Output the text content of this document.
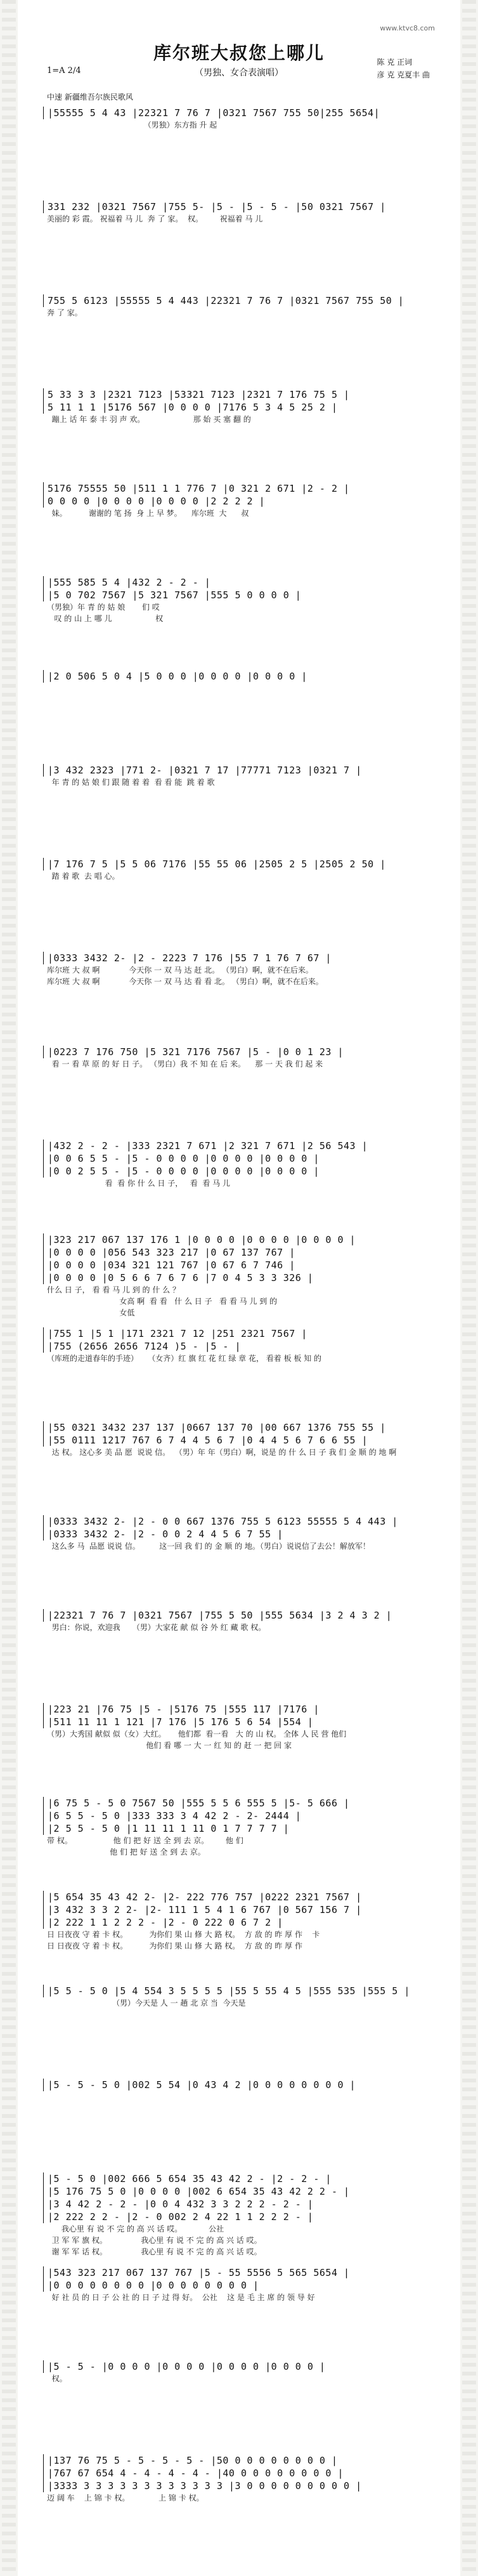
www.ktvc8.com
库尔班大叔您上哪儿
（男独、女合表演唱）
1=A 2/4
陈 克 正词
彦 克 克夏丰 曲
中速 新疆维吾尔族民歌风
|55555 5 4 43 |22321 7 76 7 |0321 7567 755 50|255 5654|
（男独）东方指 升 起
331 232 |0321 7567 |755 5- |5 - |5 - 5 - |50 0321 7567 |
美丽的 彩 霞。 祝福着 马 儿  奔 了 家。  权。       祝福着 马 儿
755 5 6123 |55555 5 4 443 |22321 7 76 7 |0321 7567 755 50 |
奔 了 家。
5 33 3 3 |2321 7123 |53321 7123 |2321 7 176 75 5 |
5 11 1 1 |5176 567 |0 0 0 0 |7176 5 3 4 5 25 2 |
蹦上 话 年 泰 丰 羽 声 欢。                    那 始 买 塞 翻 的
5176 75555 50 |511 1 1 776 7 |0 321 2 671 |2 - 2 |
0 0 0 0 |0 0 0 0 |0 0 0 0 |2 2 2 2 |
妹。         谢谢的 笔 扬  身 上 早 梦。    库尔班  大      叔
|555 585 5 4 |432 2 - 2 - |
|5 0 702 7567 |5 321 7567 |555 5 0 0 0 0 |
（男独）年 青 的 姑 娘       们 哎
叹 的 山 上 哪 儿                  权
|2 0 506 5 0 4 |5 0 0 0 |0 0 0 0 |0 0 0 0 |
|3 432 2323 |771 2- |0321 7 17 |77771 7123 |0321 7 |
年 青 的 姑 娘 们 跟 随 着 着  看 看 能  跳 着 歌
|7 176 7 5 |5 5 06 7176 |55 55 06 |2505 2 5 |2505 2 50 |
踏 着 歌  去 唱 心。
|0333 3432 2- |2 - 2223 7 176 |55 7 1 76 7 67 |
库尔班 大 叔 啊            今天你 一 双 马 达 赶 北。 （男白）啊，就不在后来。
库尔班 大 叔 啊            今天你 一 双 马 达 看 看 北。 （男白）啊，就不在后来。
|0223 7 176 750 |5 321 7176 7567 |5 - |0 0 1 23 |
看 一 看 草 原 的 好 日 子。 （男白）我 不 知 在 后 来。    那 一 天 我 们 起 来
|432 2 - 2 - |333 2321 7 671 |2 321 7 671 |2 56 543 |
|0 0 6 5 5 - |5 - 0 0 0 0 |0 0 0 0 |0 0 0 0 |
|0 0 2 5 5 - |5 - 0 0 0 0 |0 0 0 0 |0 0 0 0 |
看  看 你 什 么 日 子，   看  看 马 儿
|323 217 067 137 176 1 |0 0 0 0 |0 0 0 0 |0 0 0 0 |
|0 0 0 0 |056 543 323 217 |0 67 137 767 |
|0 0 0 0 |034 321 121 767 |0 67 6 7 746 |
|0 0 0 0 |0 5 6 6 7 6 7 6 |7 0 4 5 3 3 326 |
什么 日 子， 看 看 马 儿 到 的 什 么 ？
女高 啊  看 看   什 么 日 子   看 看 马 儿 到 的
女低
|755 1 |5 1 |171 2321 7 12 |251 2321 7567 |
|755 (2656 2656 7124 )5 - |5 - |
（库班的走道春年的手迹）    （女齐）红 旗 红 花 红 绿 章 花， 看着 板 板 知 的
|55 0321 3432 237 137 |0667 137 70 |00 667 1376 755 55 |
|55 0111 1217 767 6 7 4 4 5 6 7 |0 4 4 5 6 7 6 6 55 |
达 权。 这心多 美 品 愿  说说 信。  （男）年 年（男白）啊，说是 的 什 么 日 子 我 们 金 顺 的 地 啊
|0333 3432 2- |2 - 0 0 667 1376 755 5 6123 55555 5 4 443 |
|0333 3432 2- |2 - 0 0 2 4 4 5 6 7 55 |
这么多 马  品愿 说说 信。        这一回 我 们 的 金 顺 的 地。（男白）说说信了去公！解放军！
|22321 7 76 7 |0321 7567 |755 5 50 |555 5634 |3 2 4 3 2 |
男白：你说，欢迎我     （男）大家花 献 似 谷 外 红 藏 歌 权。
|223 21 |76 75 |5 - |5176 75 |555 117 |7176 |
|511 11 11 1 121 |7 176 |5 176 5 6 54 |554 |
（男）大秀国 献似 似（女）大红。     他们都  看一看   大 的 山 权。 全体 人 民 营 他们
他们 看 哪 一 大 一 红 知 的 赶 一 把 回 家
|6 75 5 - 5 0 7567 50 |555 5 5 6 555 5 |5- 5 666 |
|6 5 5 - 5 0 |333 333 3 4 42 2 - 2- 2444 |
|2 5 5 - 5 0 |1 11 11 1 11 0 1 7 7 7 7 |
带 权。                 他 们 把 好 送 全 到 去 京。       他 们
他 们 把 好 送 全 到 去 京。
|5 654 35 43 42 2- |2- 222 776 757 |0222 2321 7567 |
|3 432 3 3 2 2- |2- 111 1 5 4 1 6 767 |0 567 156 7 |
|2 222 1 1 2 2 2 - |2 - 0 222 0 6 7 2 |
日 日夜夜 守 着 卡 权。         为你们 果 山 修 大 路 权。  方 敌 的 昨 厚 作    卡
日 日夜夜 守 着 卡 权。         为你们 果 山 修 大 路 权。  方 敌 的 昨 厚 作
|5 5 - 5 0 |5 4 554 3 5 5 5 5 |55 5 55 4 5 |555 535 |555 5 |
（男）今天是 人 一 趟 北 京 当  今天是
|5 - 5 - 5 0 |002 5 54 |0 43 4 2 |0 0 0 0 0 0 0 0 |
|5 - 5 0 |002 666 5 654 35 43 42 2 - |2 - 2 - |
|5 176 75 5 0 |0 0 0 0 |002 6 654 35 43 42 2 2 - |
|3 4 42 2 - 2 - |0 0 4 432 3 3 2 2 2 - 2 - |
|2 222 2 2 - |2 - 0 002 2 4 22 1 1 2 2 2 - |
我心里 有 说 不 完 的 高 兴 话 哎。           公社
卫 军 军 旗 权。              我心里 有 说 不 完 的 高 兴 话 哎。
谢 军 军 话 权。              我心里 有 说 不 完 的 高 兴 话 哎。
|543 323 217 067 137 767 |5 - 55 5556 5 565 5654 |
|0 0 0 0 0 0 0 0 |0 0 0 0 0 0 0 0 |
好 社 员 的 日 子 公 社 的 日 子 过 得 好。  公社    这 是 毛 主 席 的 领 导 好
|5 - 5 - |0 0 0 0 |0 0 0 0 |0 0 0 0 |0 0 0 0 |
权。
|137 76 75 5 - 5 - 5 - 5 - |50 0 0 0 0 0 0 0 0 |
|767 67 654 4 - 4 - 4 - 4 - |40 0 0 0 0 0 0 0 0 |
|3333 3 3 3 3 3 3 3 3 3 3 3 3 |3 0 0 0 0 0 0 0 0 0 |
迈 阔 车    上 锦 卡 权。            上 锦 卡 权。
